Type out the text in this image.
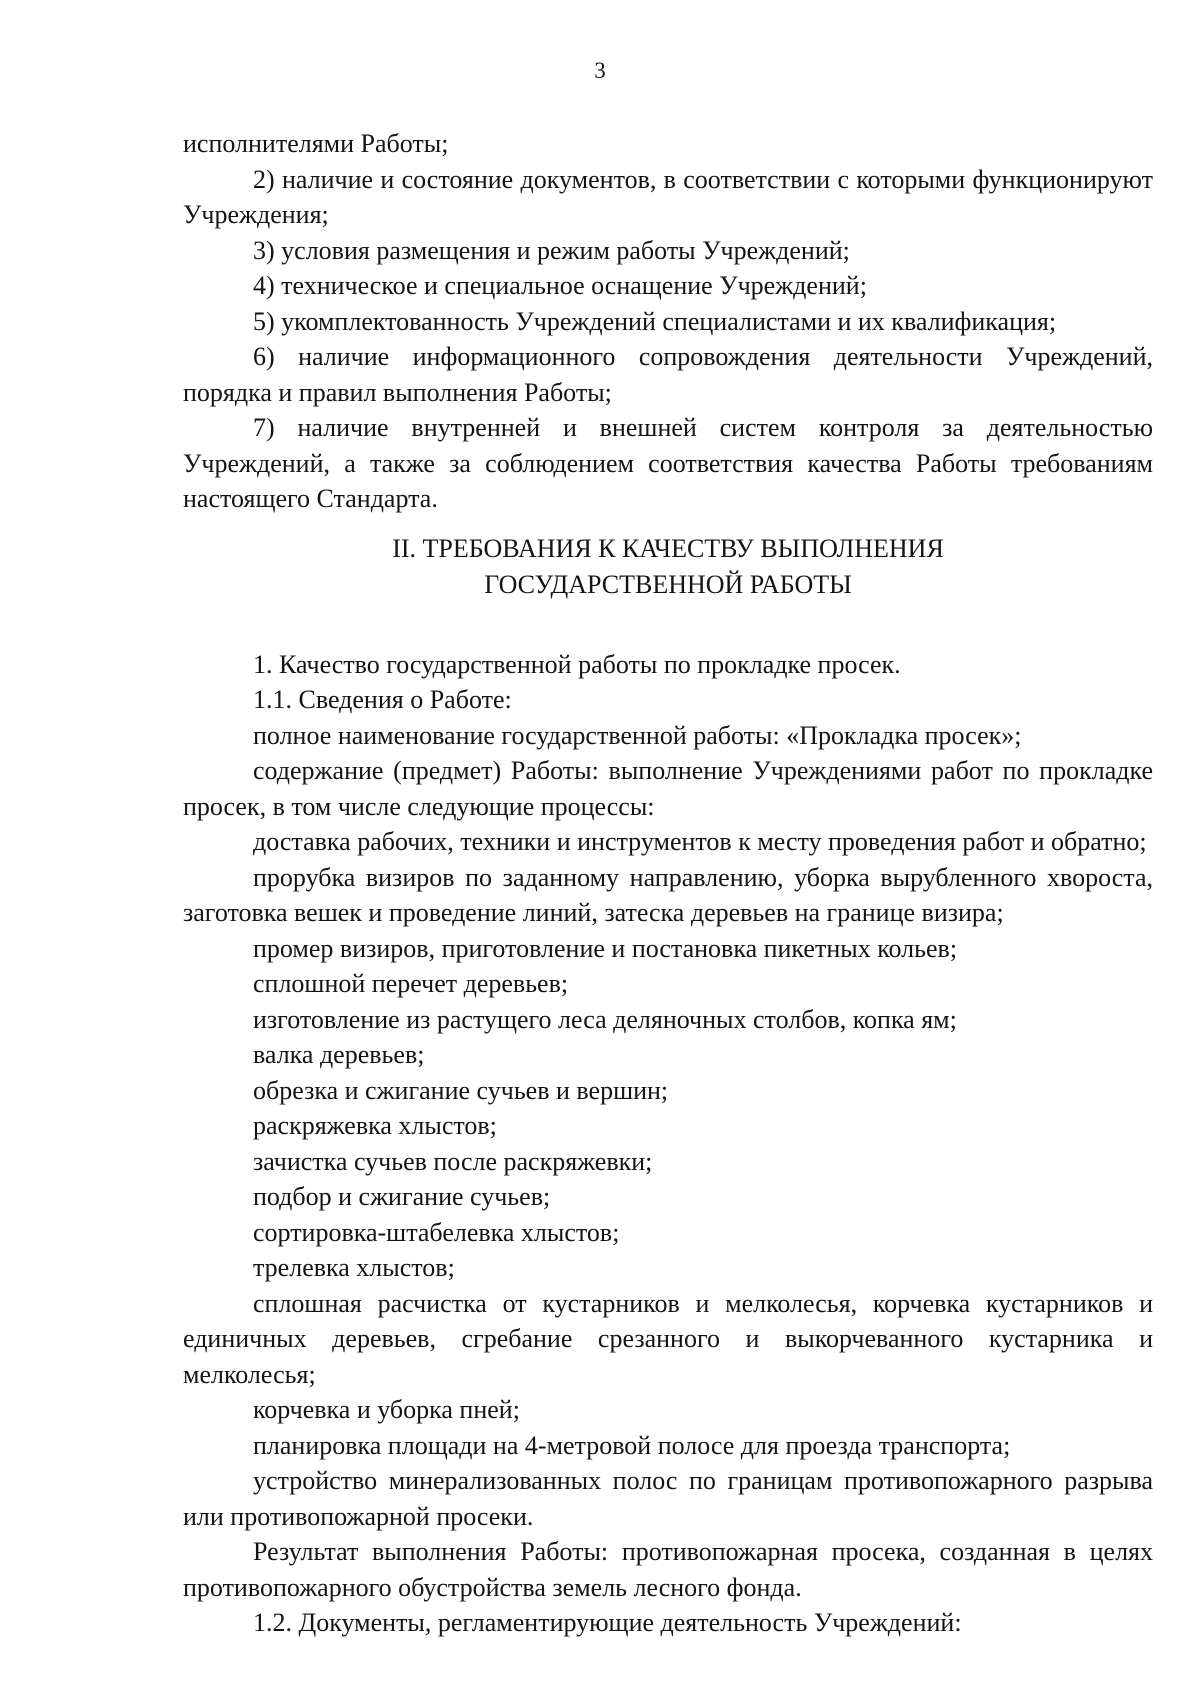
3

исполнителями Работы;

2) наличие и состояние документов, в соответствии с которыми функционируют Учреждения;

3) условия размещения и режим работы Учреждений;

4) техническое и специальное оснащение Учреждений;

5) укомплектованность Учреждений специалистами и их квалификация;

6) наличие информационного сопровождения деятельности Учреждений, порядка и правил выполнения Работы;

7) наличие внутренней и внешней систем контроля за деятельностью Учреждений, а также за соблюдением соответствия качества Работы требованиям настоящего Стандарта.

II. ТРЕБОВАНИЯ К КАЧЕСТВУ ВЫПОЛНЕНИЯ
ГОСУДАРСТВЕННОЙ РАБОТЫ

1. Качество государственной работы по прокладке просек.

1.1. Сведения о Работе:

полное наименование государственной работы: «Прокладка просек»;

содержание (предмет) Работы: выполнение Учреждениями работ по прокладке просек, в том числе следующие процессы:

доставка рабочих, техники и инструментов к месту проведения работ и обратно;

прорубка визиров по заданному направлению, уборка вырубленного хвороста, заготовка вешек и проведение линий, затеска деревьев на границе визира;

промер визиров, приготовление и постановка пикетных кольев;

сплошной перечет деревьев;

изготовление из растущего леса деляночных столбов, копка ям;

валка деревьев;

обрезка и сжигание сучьев и вершин;

раскряжевка хлыстов;

зачистка сучьев после раскряжевки;

подбор и сжигание сучьев;

сортировка-штабелевка хлыстов;

трелевка хлыстов;

сплошная расчистка от кустарников и мелколесья, корчевка кустарников и единичных деревьев, сгребание срезанного и выкорчеванного кустарника и мелколесья;

корчевка и уборка пней;

планировка площади на 4-метровой полосе для проезда транспорта;

устройство минерализованных полос по границам противопожарного разрыва или противопожарной просеки.

Результат выполнения Работы: противопожарная просека, созданная в целях противопожарного обустройства земель лесного фонда.

1.2. Документы, регламентирующие деятельность Учреждений:
